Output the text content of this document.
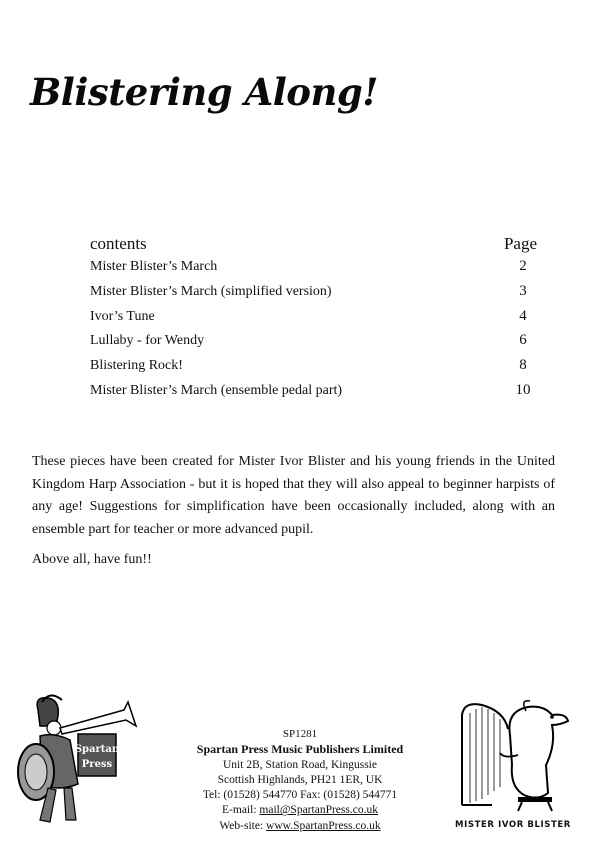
Blistering Along!
contents	Page
Mister Blister’s March	2
Mister Blister’s March (simplified version)	3
Ivor’s Tune	4
Lullaby - for Wendy	6
Blistering Rock!	8
Mister Blister’s March (ensemble pedal part)	10

These pieces have been created for Mister Ivor Blister and his young friends in the United Kingdom Harp Association - but it is hoped that they will also appeal to beginner harpists of any age! Suggestions for simplification have been occasionally included, along with an ensemble part for teacher or more advanced pupil.

Above all, have fun!!

Spartan
Press
SP1281
Spartan Press Music Publishers Limited
Unit 2B, Station Road, Kingussie
Scottish Highlands, PH21 1ER, UK
Tel: (01528) 544770 Fax: (01528) 544771
E-mail: mail@SpartanPress.co.uk
Web-site: www.SpartanPress.co.uk	MISTER IVOR BLISTER
